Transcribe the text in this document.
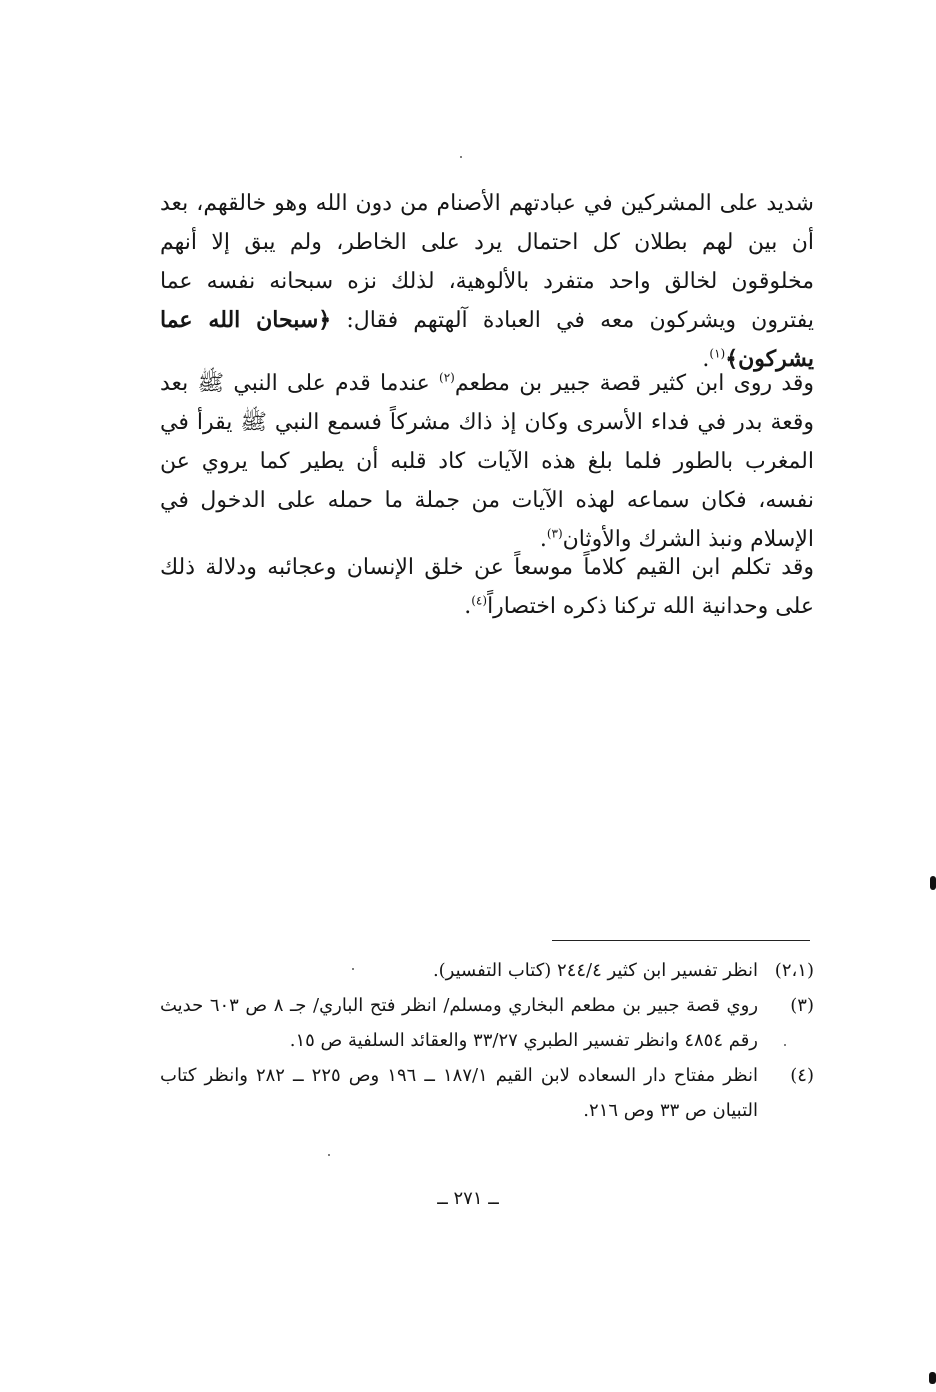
شديد على المشركين في عبادتهم الأصنام من دون الله وهو خالقهم، بعد أن بين لهم بطلان كل احتمال يرد على الخاطر، ولم يبق إلا أنهم مخلوقون لخالق واحد متفرد بالألوهية، لذلك نزه سبحانه نفسه عما يفترون ويشركون معه في العبادة آلهتهم فقال: ﴿سبحان الله عما يشركون﴾$^{(١)}$.

وقد روى ابن كثير قصة جبير بن مطعم$^{(٢)}$ عندما قدم على النبي ﷺ بعد وقعة بدر في فداء الأسرى وكان إذ ذاك مشركاً فسمع النبي ﷺ يقرأ في المغرب بالطور فلما بلغ هذه الآيات كاد قلبه أن يطير كما يروي عن نفسه، فكان سماعه لهذه الآيات من جملة ما حمله على الدخول في الإسلام ونبذ الشرك والأوثان$^{(٣)}$.

وقد تكلم ابن القيم كلاماً موسعاً عن خلق الإنسان وعجائبه ودلالة ذلك على وحدانية الله تركنا ذكره اختصاراً$^{(٤)}$.

(٢،١)
انظر تفسير ابن كثير ٢٤٤/٤ (كتاب التفسير).
(٣)
روي قصة جبير بن مطعم البخاري ومسلم/ انظر فتح الباري/ جـ ٨ ص ٦٠٣ حديث رقم ٤٨٥٤ وانظر تفسير الطبري ٣٣/٢٧ والعقائد السلفية ص ١٥.
(٤)
انظر مفتاح دار السعاده لابن القيم ١٨٧/١ ــ ١٩٦ وص ٢٢٥ ــ ٢٨٢ وانظر كتاب التبيان ص ٣٣ وص ٢١٦.
ــ ٢٧١ ــ
